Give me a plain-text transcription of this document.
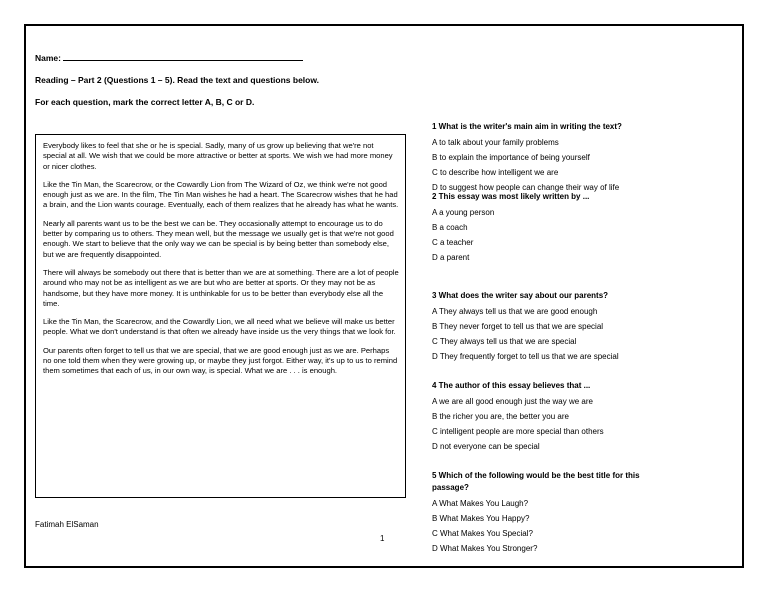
Name:
Reading – Part 2 (Questions 1 – 5). Read the text and questions below.
For each question, mark the correct letter A, B, C or D.

Everybody likes to feel that she or he is special. Sadly, many of us grow up believing that we're not special at all. We wish that we could be more attractive or better at sports. We wish we had more money or nicer clothes.

Like the Tin Man, the Scarecrow, or the Cowardly Lion from The Wizard of Oz, we think we're not good enough just as we are. In the film, The Tin Man wishes he had a heart. The Scarecrow wishes that he had a brain, and the Lion wants courage. Eventually, each of them realizes that he already has what he wants.

Nearly all parents want us to be the best we can be. They occasionally attempt to encourage us to do better by comparing us to others. They mean well, but the message we usually get is that we're not good enough. We start to believe that the only way we can be special is by being better than somebody else, but we are frequently disappointed.

There will always be somebody out there that is better than we are at something. There are a lot of people around who may not be as intelligent as we are but who are better at sports. Or they may not be as handsome, but they have more money. It is unthinkable for us to be better than everybody else all the time.

Like the Tin Man, the Scarecrow, and the Cowardly Lion, we all need what we believe will make us better people. What we don't understand is that often we already have inside us the very things that we look for.

Our parents often forget to tell us that we are special, that we are good enough just as we are. Perhaps no one told them when they were growing up, or maybe they just forgot. Either way, it's up to us to remind them sometimes that each of us, in our own way, is special. What we are . . . is enough.

Fatimah ElSaman
1
1 What is the writer's main aim in writing the text?
A to talk about your family problems
B to explain the importance of being yourself
C to describe how intelligent we are
D to suggest how people can change their way of life
2 This essay was most likely written by ...
A a young person
B a coach
C a teacher
D a parent
3 What does the writer say about our parents?
A They always tell us that we are good enough
B They never forget to tell us that we are special
C They always tell us that we are special
D They frequently forget to tell us that we are special
4 The author of this essay believes that ...
A we are all good enough just the way we are
B the richer you are, the better you are
C intelligent people are more special than others
D not everyone can be special
5 Which of the following would be the best title for this passage?
A What Makes You Laugh?
B What Makes You Happy?
C What Makes You Special?
D What Makes You Stronger?
